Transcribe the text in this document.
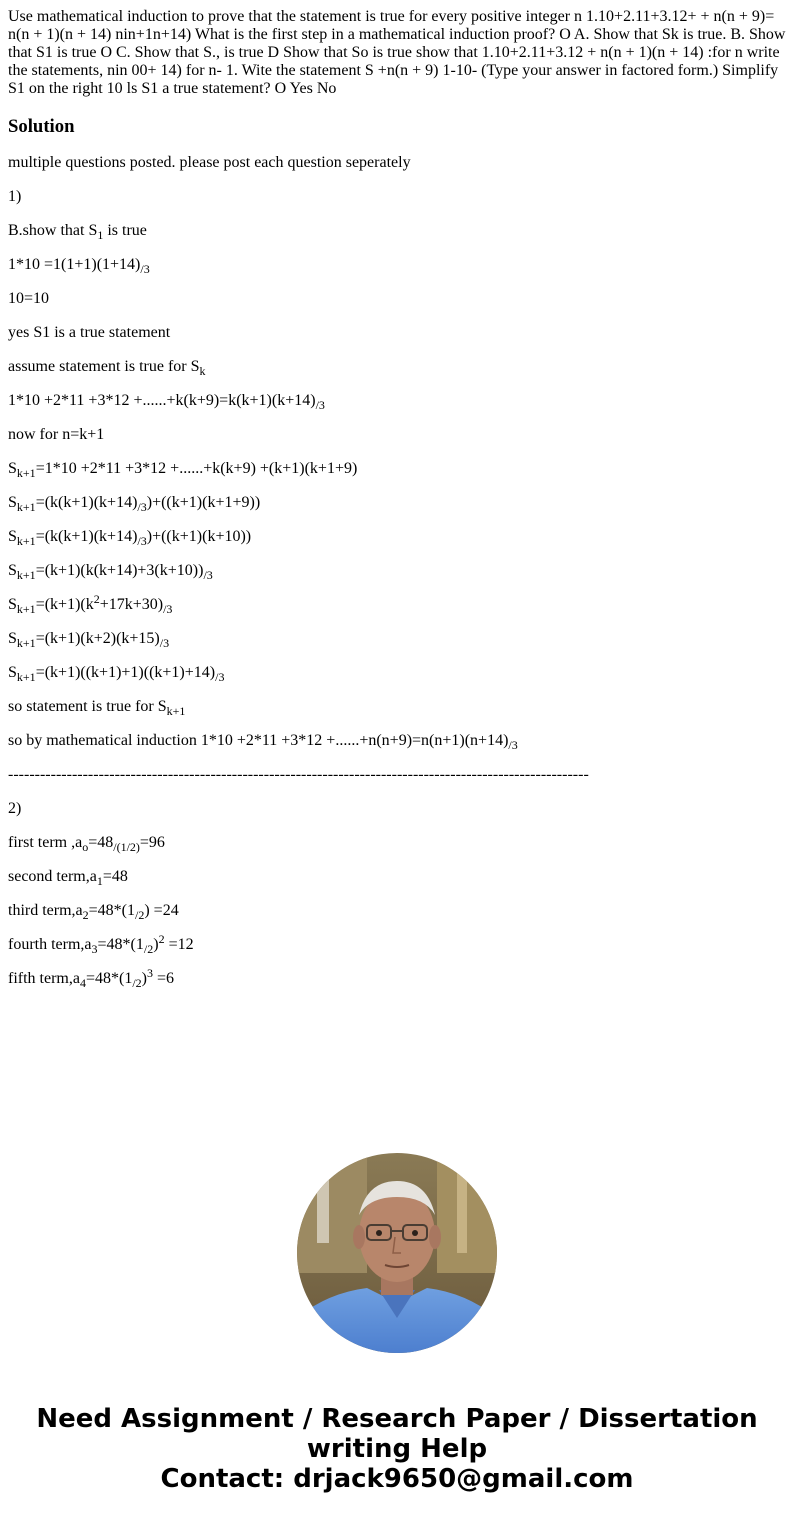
Use mathematical induction to prove that the statement is true for every positive integer n 1.10+2.11+3.12+ + n(n + 9)= n(n + 1)(n + 14) nin+1n+14) What is the first step in a mathematical induction proof? O A. Show that Sk is true. B. Show that S1 is true O C. Show that S., is true D Show that So is true show that 1.10+2.11+3.12 + n(n + 1)(n + 14) :for n write the statements, nin 00+ 14) for n- 1. Wite the statement S +n(n + 9) 1-10- (Type your answer in factored form.) Simplify S1 on the right 10 ls S1 a true statement? O Yes No

Solution

multiple questions posted. please post each question seperately

1)

B.show that $S_1$ is true

$1*10 =1(1+1)(1+14)_{/3}$

10=10

yes S1 is a true statement

assume statement is true for $S_k$

$1*10 +2*11 +3*12 +......+k(k+9)=k(k+1)(k+14)_{/3}$

now for n=k+1

$S_{k+1}=1*10 +2*11 +3*12 +......+k(k+9) +(k+1)(k+1+9)$

$S_{k+1}=(k(k+1)(k+14)_{/3})+((k+1)(k+1+9))$

$S_{k+1}=(k(k+1)(k+14)_{/3})+((k+1)(k+10))$

$S_{k+1}=(k+1)(k(k+14)+3(k+10))_{/3}$

$S_{k+1}=(k+1)(k^2+17k+30)_{/3}$

$S_{k+1}=(k+1)(k+2)(k+15)_{/3}$

$S_{k+1}=(k+1)((k+1)+1)((k+1)+14)_{/3}$

so statement is true for $S_{k+1}$

so by mathematical induction $1*10 +2*11 +3*12 +......+n(n+9)=n(n+1)(n+14)_{/3}$

-------------------------------------------------------------------------------------------------------------

2)

first term $,a_o=48_{/(1/2)}=96$

second $term,a_1=48$

third $term,a_2=48*(1_{/2}) =24$

fourth $term,a_3=48*(1_{/2})^2 =12$

fifth $term,a_4=48*(1_{/2})^3 =6$

Need Assignment / Research Paper / Dissertation
writing Help
Contact: drjack9650@gmail.com
